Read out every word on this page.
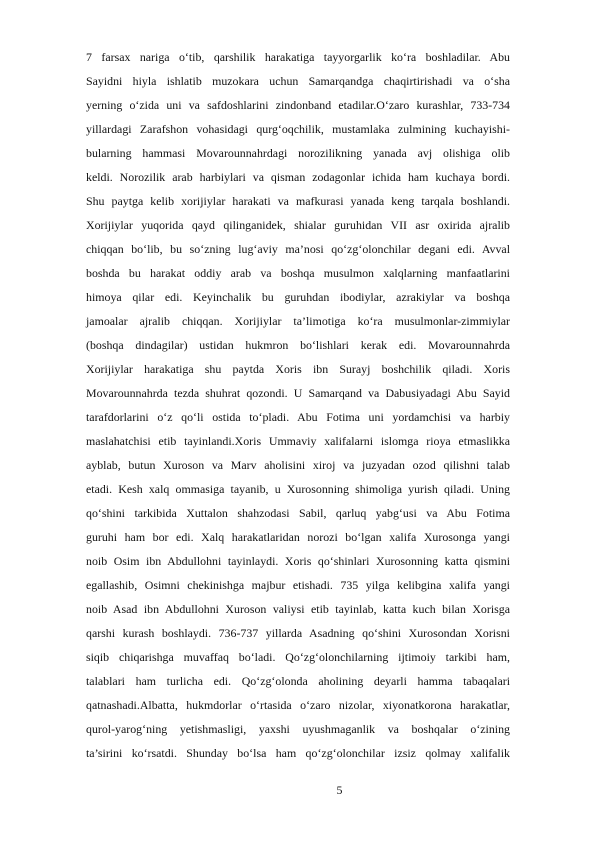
7 farsax nariga o‘tib, qarshilik harakatiga tayyorgarlik ko‘ra boshladilar. Abu
Sayidni hiyla ishlatib muzokara uchun Samarqandga chaqirtirishadi va o‘sha
yerning o‘zida uni va safdoshlarini zindonband etadilar.O‘zaro kurashlar, 733-734
yillardagi Zarafshon vohasidagi qurg‘oqchilik, mustamlaka zulmining kuchayishi-
bularning hammasi Movarounnahrdagi norozilikning yanada avj olishiga olib
keldi. Norozilik arab harbiylari va qisman zodagonlar ichida ham kuchaya bordi.
Shu paytga kelib xorijiylar harakati va mafkurasi yanada keng tarqala boshlandi.
Xorijiylar yuqorida qayd qilinganidek, shialar guruhidan VII asr oxirida ajralib
chiqqan bo‘lib, bu so‘zning lug‘aviy ma’nosi qo‘zg‘olonchilar degani edi. Avval
boshda bu harakat oddiy arab va boshqa musulmon xalqlarning manfaatlarini
himoya qilar edi. Keyinchalik bu guruhdan ibodiylar, azrakiylar va boshqa
jamoalar ajralib chiqqan. Xorijiylar ta’limotiga ko‘ra musulmonlar-zimmiylar
(boshqa dindagilar) ustidan hukmron bo‘lishlari kerak edi. Movarounnahrda
Xorijiylar harakatiga shu paytda Xoris ibn Surayj boshchilik qiladi. Xoris
Movarounnahrda tezda shuhrat qozondi. U Samarqand va Dabusiyadagi Abu Sayid
tarafdorlarini o‘z qo‘li ostida to‘pladi. Abu Fotima uni yordamchisi va harbiy
maslahatchisi etib tayinlandi.Xoris Ummaviy xalifalarni islomga rioya etmaslikka
ayblab, butun Xuroson va Marv aholisini xiroj va juzyadan ozod qilishni talab
etadi. Kesh xalq ommasiga tayanib, u Xurosonning shimoliga yurish qiladi. Uning
qo‘shini tarkibida Xuttalon shahzodasi Sabil, qarluq yabg‘usi va Abu Fotima
guruhi ham bor edi. Xalq harakatlaridan norozi bo‘lgan xalifa Xurosonga yangi
noib Osim ibn Abdullohni tayinlaydi. Xoris qo‘shinlari Xurosonning katta qismini
egallashib, Osimni chekinishga majbur etishadi. 735 yilga kelibgina xalifa yangi
noib Asad ibn Abdullohni Xuroson valiysi etib tayinlab, katta kuch bilan Xorisga
qarshi kurash boshlaydi. 736-737 yillarda Asadning qo‘shini Xurosondan Xorisni
siqib chiqarishga muvaffaq bo‘ladi. Qo‘zg‘olonchilarning ijtimoiy tarkibi ham,
talablari ham turlicha edi. Qo‘zg‘olonda aholining deyarli hamma tabaqalari
qatnashadi.Albatta, hukmdorlar o‘rtasida o‘zaro nizolar, xiyonatkorona harakatlar,
qurol-yarog‘ning yetishmasligi, yaxshi uyushmaganlik va boshqalar o‘zining
ta’sirini ko‘rsatdi. Shunday bo‘lsa ham qo‘zg‘olonchilar izsiz qolmay xalifalik
5
